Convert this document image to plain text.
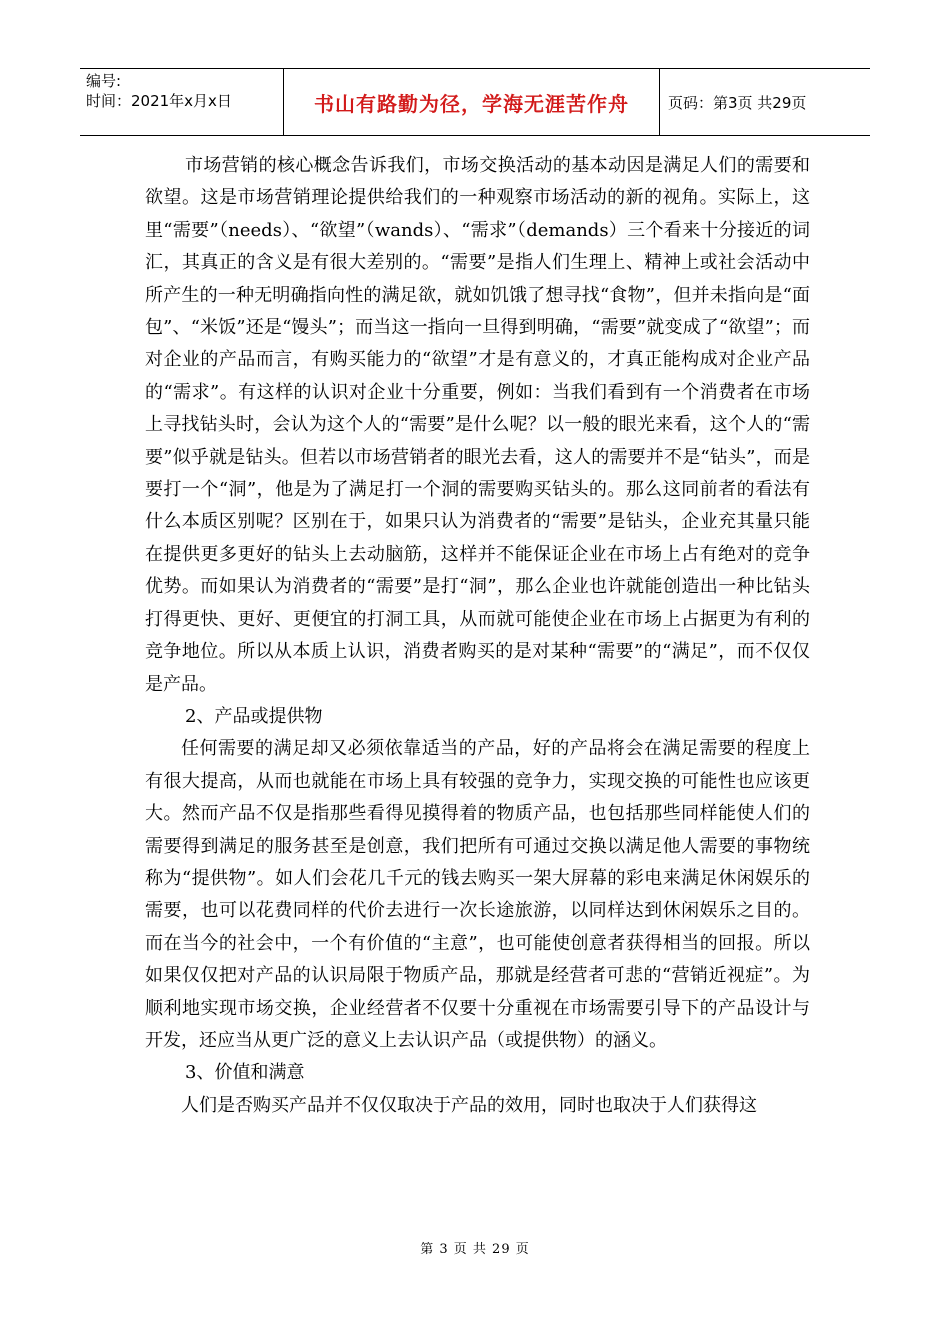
编号:
时间：2021年x月x日	书山有路勤为径，学海无涯苦作舟	页码：第3页 共29页

市场营销的核心概念告诉我们，市场交换活动的基本动因是满足人们的需要和欲望。这是市场营销理论提供给我们的一种观察市场活动的新的视角。实际上，这里“需要”（needs）、“欲望”（wands）、“需求”（demands）三个看来十分接近的词汇，其真正的含义是有很大差别的。“需要”是指人们生理上、精神上或社会活动中所产生的一种无明确指向性的满足欲，就如饥饿了想寻找“食物”，但并未指向是“面包”、“米饭”还是“馒头”；而当这一指向一旦得到明确，“需要”就变成了“欲望”；而对企业的产品而言，有购买能力的“欲望”才是有意义的，才真正能构成对企业产品的“需求”。有这样的认识对企业十分重要，例如：当我们看到有一个消费者在市场上寻找钻头时，会认为这个人的“需要”是什么呢？以一般的眼光来看，这个人的“需要”似乎就是钻头。但若以市场营销者的眼光去看，这人的需要并不是“钻头”，而是要打一个“洞”，他是为了满足打一个洞的需要购买钻头的。那么这同前者的看法有什么本质区别呢？区别在于，如果只认为消费者的“需要”是钻头，企业充其量只能在提供更多更好的钻头上去动脑筋，这样并不能保证企业在市场上占有绝对的竞争优势。而如果认为消费者的“需要”是打“洞”，那么企业也许就能创造出一种比钻头打得更快、更好、更便宜的打洞工具，从而就可能使企业在市场上占据更为有利的竞争地位。所以从本质上认识，消费者购买的是对某种“需要”的“满足”，而不仅仅是产品。

2、产品或提供物

任何需要的满足却又必须依靠适当的产品，好的产品将会在满足需要的程度上有很大提高，从而也就能在市场上具有较强的竞争力，实现交换的可能性也应该更大。然而产品不仅是指那些看得见摸得着的物质产品，也包括那些同样能使人们的需要得到满足的服务甚至是创意，我们把所有可通过交换以满足他人需要的事物统称为“提供物”。如人们会花几千元的钱去购买一架大屏幕的彩电来满足休闲娱乐的需要，也可以花费同样的代价去进行一次长途旅游，以同样达到休闲娱乐之目的。而在当今的社会中，一个有价值的“主意”，也可能使创意者获得相当的回报。所以如果仅仅把对产品的认识局限于物质产品，那就是经营者可悲的“营销近视症”。为顺利地实现市场交换，企业经营者不仅要十分重视在市场需要引导下的产品设计与开发，还应当从更广泛的意义上去认识产品（或提供物）的涵义。

3、价值和满意

人们是否购买产品并不仅仅取决于产品的效用，同时也取决于人们获得这

第 3 页 共 29 页
